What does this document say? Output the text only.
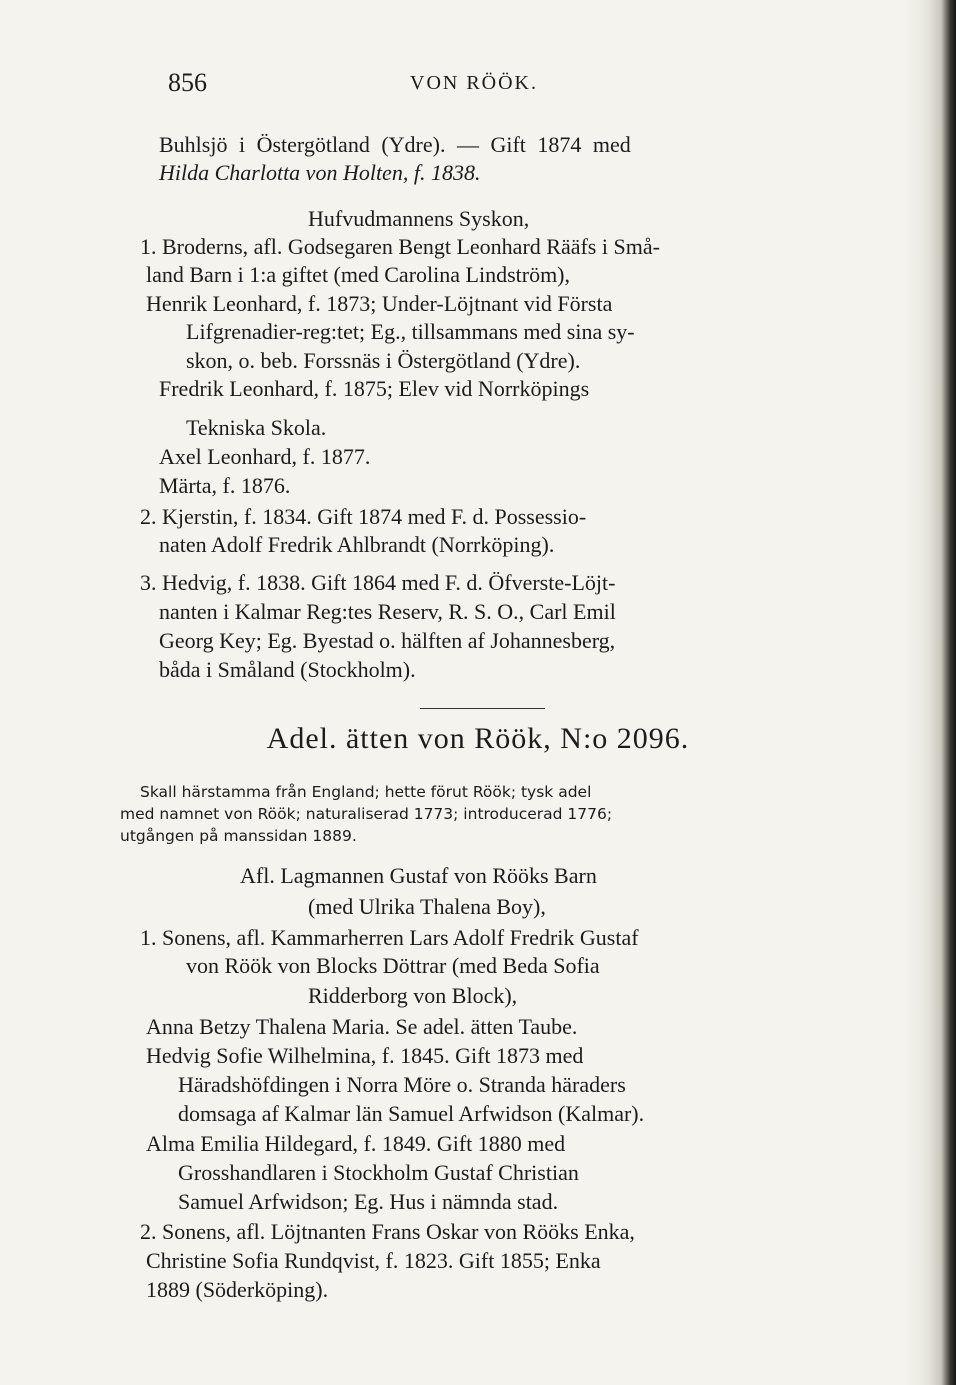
856	VON RÖÖK.
Buhlsjö i Östergötland (Ydre). — Gift 1874 med
Hilda Charlotta von Holten, f. 1838.
Hufvudmannens Syskon,
1. Broderns, afl. Godsegaren Bengt Leonhard Rääfs i Små-
land Barn i 1:a giftet (med Carolina Lindström),
Henrik Leonhard, f. 1873; Under-Löjtnant vid Första
Lifgrenadier-reg:tet; Eg., tillsammans med sina sy-
skon, o. beb. Forssnäs i Östergötland (Ydre).
Fredrik Leonhard, f. 1875; Elev vid Norrköpings
Tekniska Skola.
Axel Leonhard, f. 1877.
Märta, f. 1876.
2. Kjerstin, f. 1834. Gift 1874 med F. d. Possessio-
naten Adolf Fredrik Ahlbrandt (Norrköping).
3. Hedvig, f. 1838. Gift 1864 med F. d. Öfverste-Löjt-
nanten i Kalmar Reg:tes Reserv, R. S. O., Carl Emil
Georg Key; Eg. Byestad o. hälften af Johannesberg,
båda i Småland (Stockholm).
Adel. ätten von Röök, N:o 2096.
Skall härstamma från England; hette förut Röök; tysk adel
med namnet von Röök; naturaliserad 1773; introducerad 1776;
utgången på manssidan 1889.
Afl. Lagmannen Gustaf von Rööks Barn
(med Ulrika Thalena Boy),
1. Sonens, afl. Kammarherren Lars Adolf Fredrik Gustaf
von Röök von Blocks Döttrar (med Beda Sofia
Ridderborg von Block),
Anna Betzy Thalena Maria. Se adel. ätten Taube.
Hedvig Sofie Wilhelmina, f. 1845. Gift 1873 med
Häradshöfdingen i Norra Möre o. Stranda häraders
domsaga af Kalmar län Samuel Arfwidson (Kalmar).
Alma Emilia Hildegard, f. 1849. Gift 1880 med
Grosshandlaren i Stockholm Gustaf Christian
Samuel Arfwidson; Eg. Hus i nämnda stad.
2. Sonens, afl. Löjtnanten Frans Oskar von Rööks Enka,
Christine Sofia Rundqvist, f. 1823. Gift 1855; Enka
1889 (Söderköping).
